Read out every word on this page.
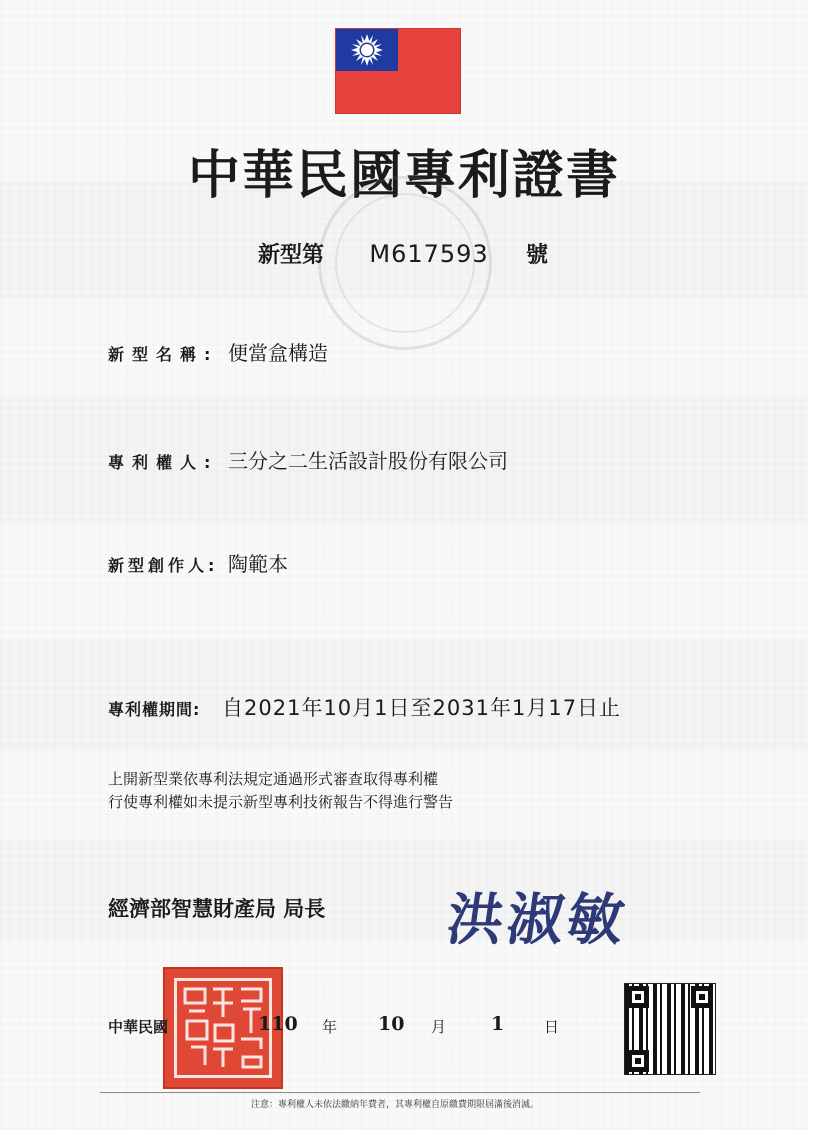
中華民國專利證書
新型第 M617593 號
新型名稱: 便當盒構造
專利權人: 三分之二生活設計股份有限公司
新型創作人: 陶範本
專利權期間: 自2021年10月1日至2031年1月17日止
上開新型業依專利法規定通過形式審查取得專利權
行使專利權如未提示新型專利技術報告不得進行警告
經濟部智慧財產局 局長 洪淑敏
中華民國	110 年 10 月 1	日
注意：專利權人未依法繳納年費者，其專利權自原繳費期限屆滿後消滅。
